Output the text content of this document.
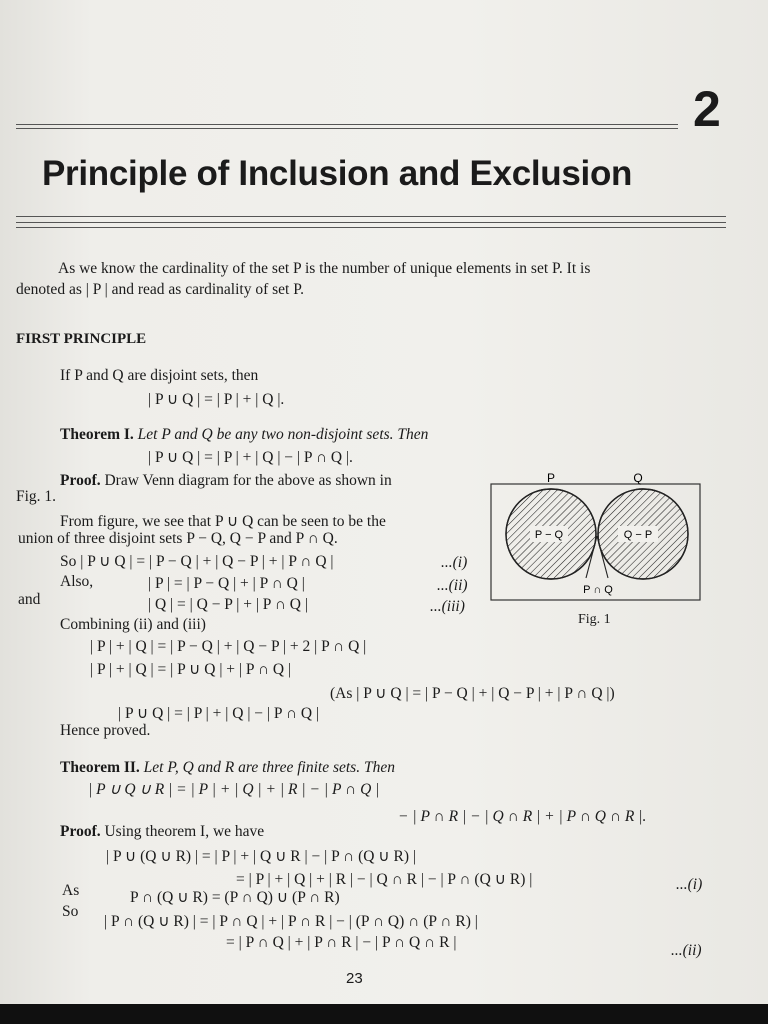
2
Principle of Inclusion and Exclusion
As we know the cardinality of the set P is the number of unique elements in set P. It is
denoted as | P | and read as cardinality of set P.
FIRST PRINCIPLE
If P and Q are disjoint sets, then
| P ∪ Q | = | P | + | Q |.
Theorem I. Let P and Q be any two non-disjoint sets. Then
| P ∪ Q | = | P | + | Q | − | P ∩ Q |.
Proof. Draw Venn diagram for the above as shown in
Fig. 1.
From figure, we see that P ∪ Q can be seen to be the
union of three disjoint sets P − Q, Q − P and P ∩ Q.
So | P ∪ Q | = | P − Q | + | Q − P | + | P ∩ Q |	...(i)
Also,	| P | = | P − Q | + | P ∩ Q |	...(ii)
and	| Q | = | Q − P | + | P ∩ Q |	...(iii)
Combining (ii) and (iii)
| P | + | Q | = | P − Q | + | Q − P | + 2 | P ∩ Q |
| P | + | Q | = | P ∪ Q | + | P ∩ Q |
(As | P ∪ Q | = | P − Q | + | Q − P | + | P ∩ Q |)
| P ∪ Q | = | P | + | Q | − | P ∩ Q |
Hence proved.
P	Q
P − Q	Q − P
P ∩ Q
Fig. 1
Theorem II. Let P, Q and R are three finite sets. Then
| P ∪ Q ∪ R | = | P | + | Q | + | R | − | P ∩ Q |
− | P ∩ R | − | Q ∩ R | + | P ∩ Q ∩ R |.
Proof. Using theorem I, we have
| P ∪ (Q ∪ R) | = | P | + | Q ∪ R | − | P ∩ (Q ∪ R) |
= | P | + | Q | + | R | − | Q ∩ R | − | P ∩ (Q ∪ R) |	...(i)
As	P ∩ (Q ∪ R) = (P ∩ Q) ∪ (P ∩ R)
So
| P ∩ (Q ∪ R) | = | P ∩ Q | + | P ∩ R | − | (P ∩ Q) ∩ (P ∩ R) |
= | P ∩ Q | + | P ∩ R | − | P ∩ Q ∩ R |	...(ii)
23
